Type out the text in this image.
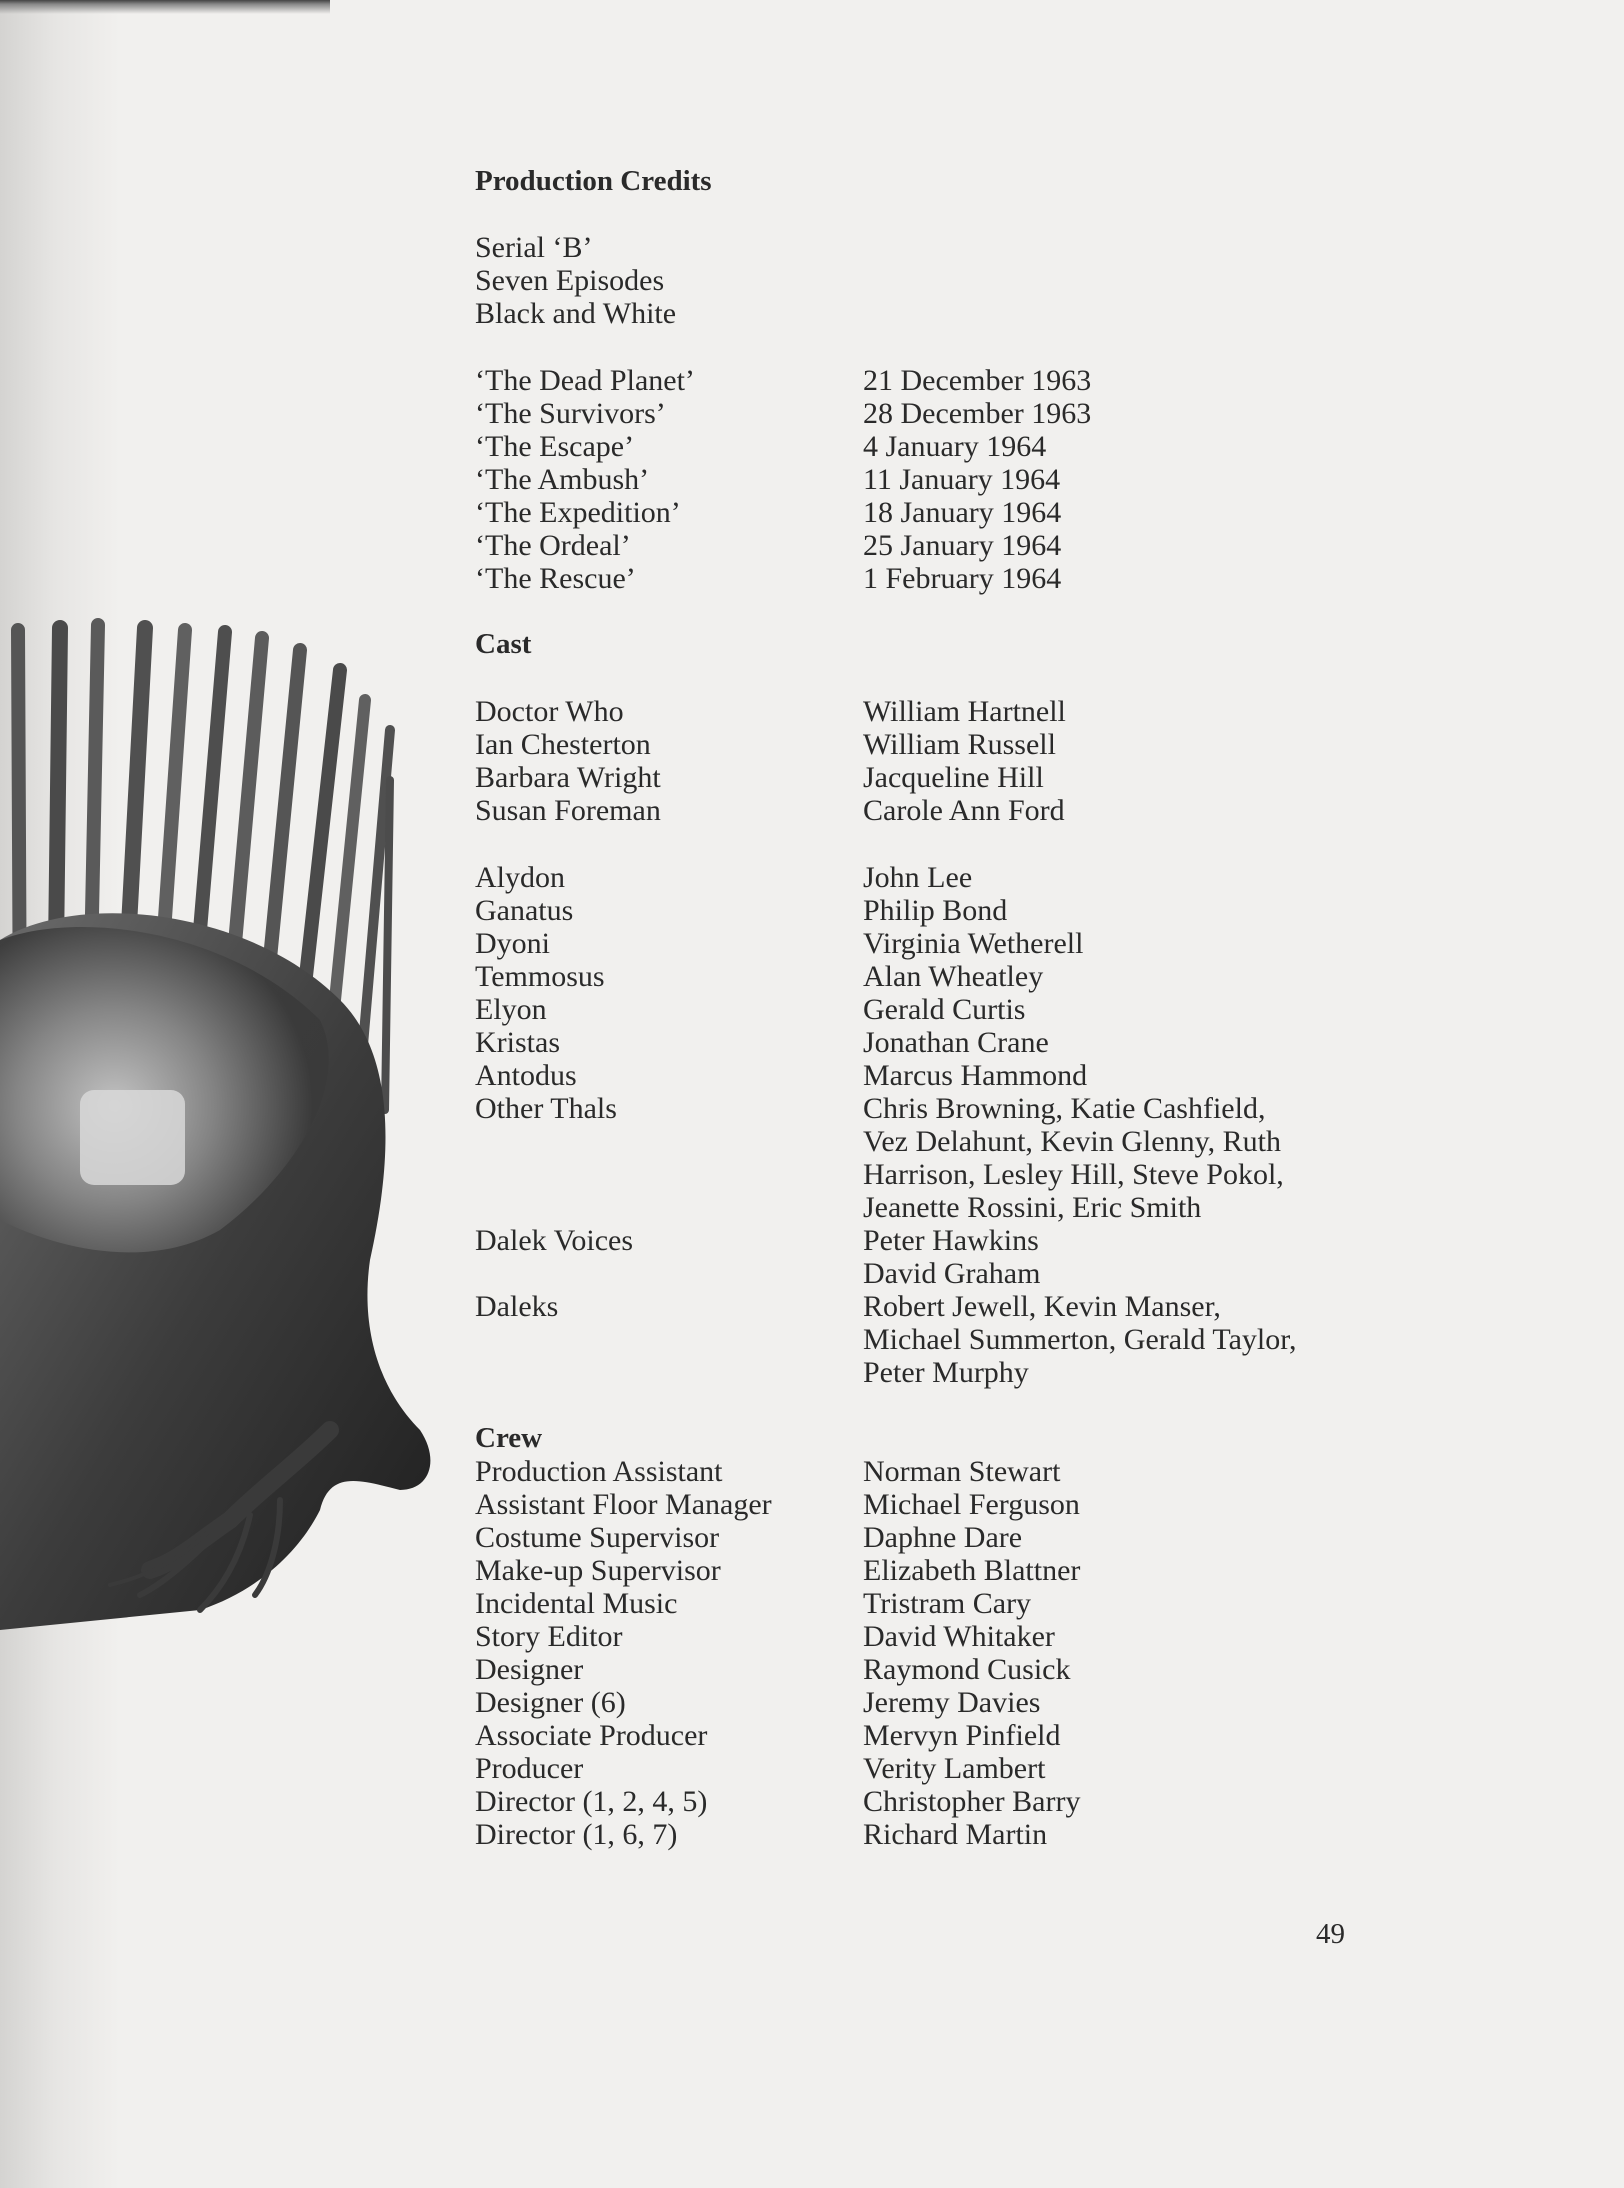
Production Credits
Serial ‘B’
Seven Episodes
Black and White
‘The Dead Planet’	21 December 1963
‘The Survivors’	28 December 1963
‘The Escape’	4 January 1964
‘The Ambush’	11 January 1964
‘The Expedition’	18 January 1964
‘The Ordeal’	25 January 1964
‘The Rescue’	1 February 1964
Cast
Doctor Who	William Hartnell
Ian Chesterton	William Russell
Barbara Wright	Jacqueline Hill
Susan Foreman	Carole Ann Ford
Alydon	John Lee
Ganatus	Philip Bond
Dyoni	Virginia Wetherell
Temmosus	Alan Wheatley
Elyon	Gerald Curtis
Kristas	Jonathan Crane
Antodus	Marcus Hammond
Other Thals	Chris Browning, Katie Cashfield,
Vez Delahunt, Kevin Glenny, Ruth
Harrison, Lesley Hill, Steve Pokol,
Jeanette Rossini, Eric Smith
Dalek Voices	Peter Hawkins
David Graham
Daleks	Robert Jewell, Kevin Manser,
Michael Summerton, Gerald Taylor,
Peter Murphy
Crew
Production Assistant	Norman Stewart
Assistant Floor Manager	Michael Ferguson
Costume Supervisor	Daphne Dare
Make-up Supervisor	Elizabeth Blattner
Incidental Music	Tristram Cary
Story Editor	David Whitaker
Designer	Raymond Cusick
Designer (6)	Jeremy Davies
Associate Producer	Mervyn Pinfield
Producer	Verity Lambert
Director (1, 2, 4, 5)	Christopher Barry
Director (1, 6, 7)	Richard Martin
49
